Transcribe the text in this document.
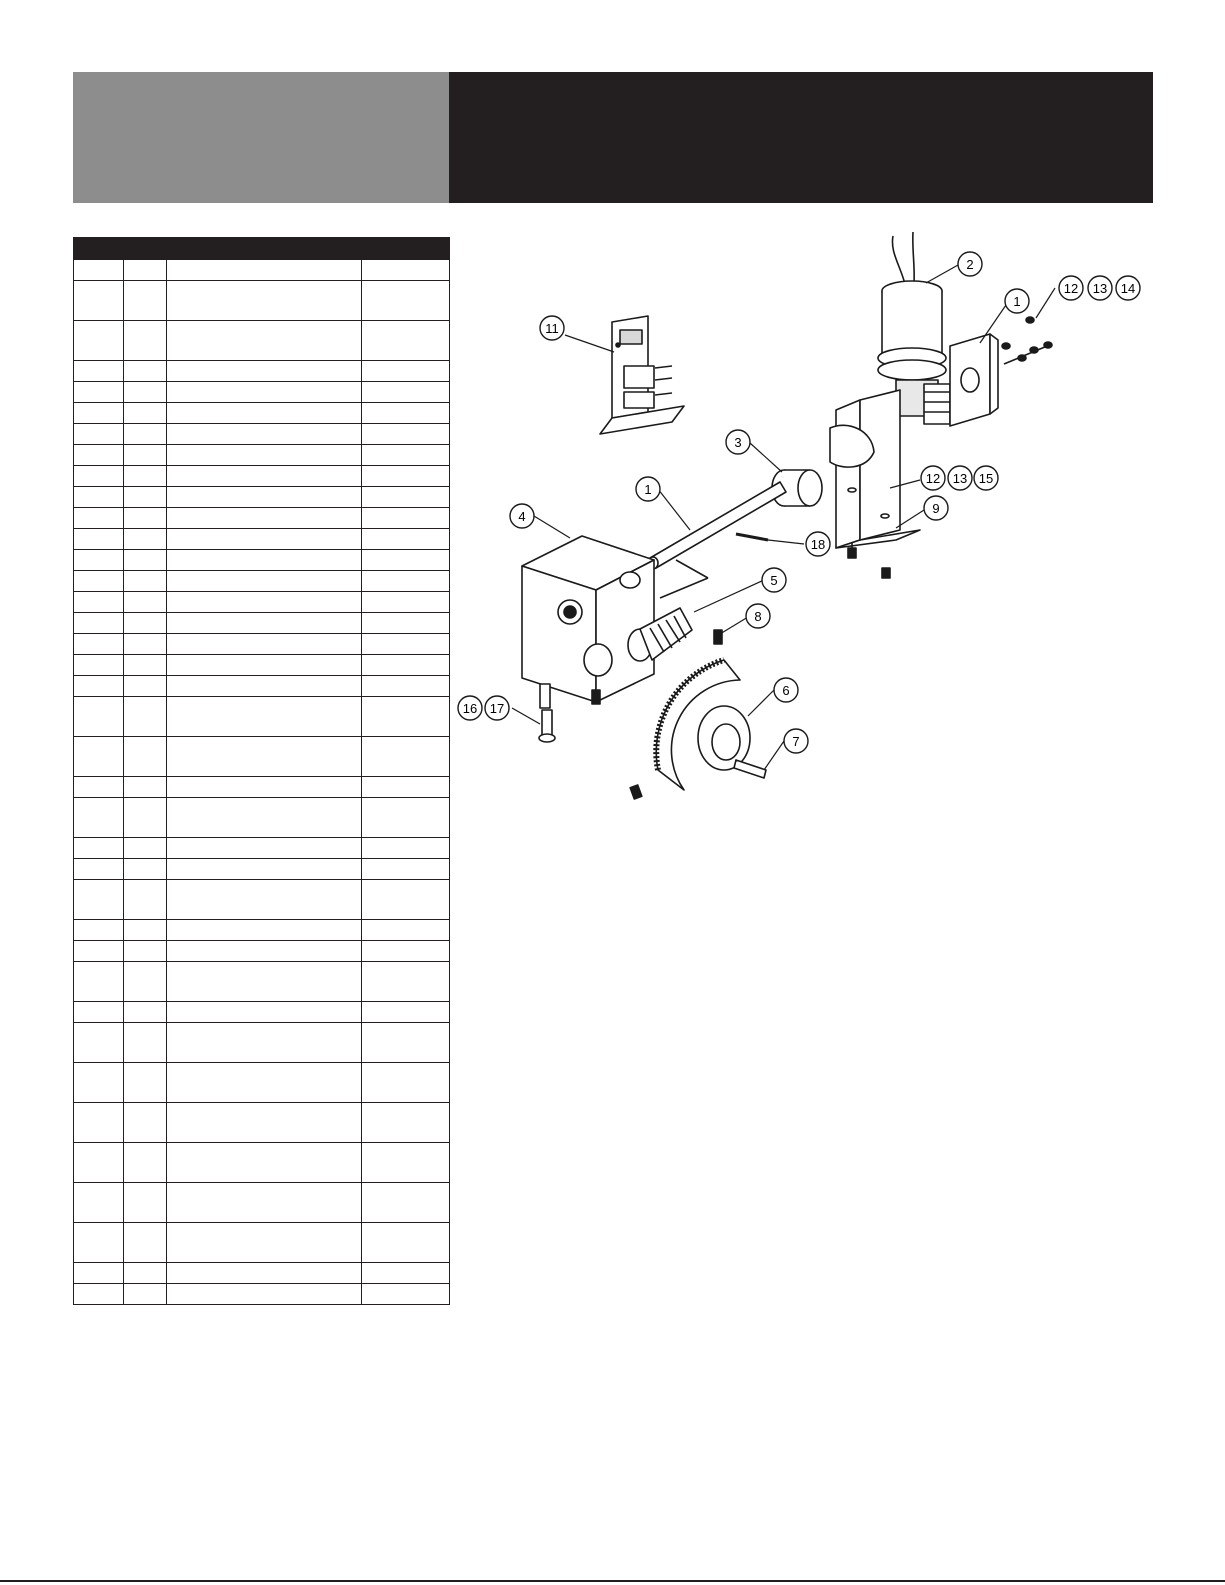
11
2
1
12 13 14
3
1
12 13 15
9
4
18
5
8
6
7
16 17
